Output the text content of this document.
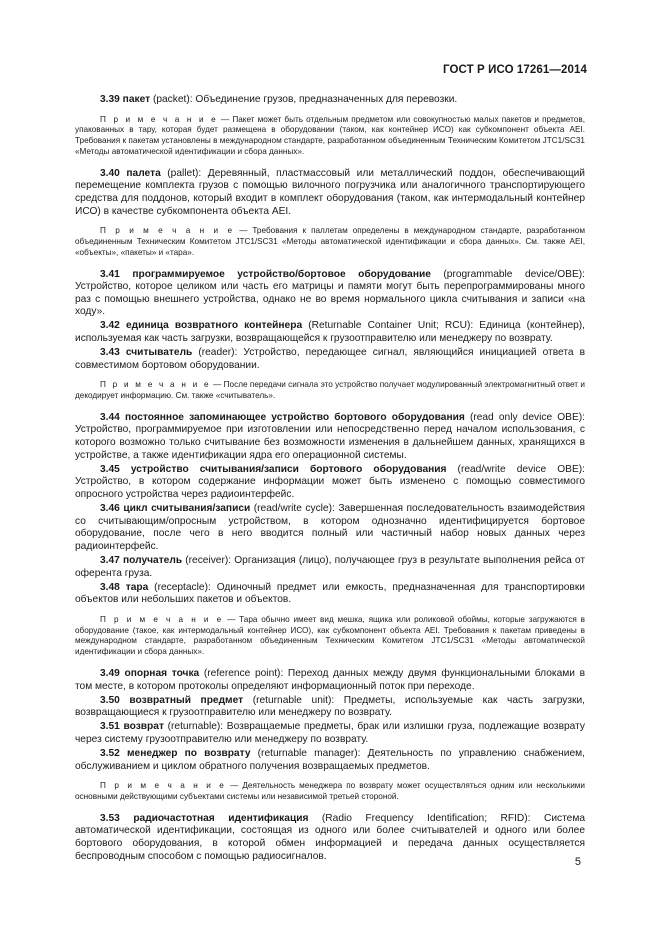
ГОСТ Р ИСО 17261—2014

3.39 пакет (packet): Объединение грузов, предназначенных для перевозки.

П р и м е ч а н и е — Пакет может быть отдельным предметом или совокупностью малых пакетов и предметов, упакованных в тару, которая будет размещена в оборудовании (таком, как контейнер ИСО) как субкомпонент объекта AEI. Требования к пакетам установлены в международном стандарте, разработанном объединенным Техническим Комитетом JTC1/SC31 «Методы автоматической идентификации и сбора данных».

3.40 палета (pallet): Деревянный, пластмассовый или металлический поддон, обеспечивающий перемещение комплекта грузов с помощью вилочного погрузчика или аналогичного транспортирующего средства для поддонов, который входит в комплект оборудования (таком, как интермодальный контейнер ИСО) в качестве субкомпонента объекта AEI.

П р и м е ч а н и е — Требования к паллетам определены в международном стандарте, разработанном объединенным Техническим Комитетом JTC1/SC31 «Методы автоматической идентификации и сбора данных». См. также AEI, «объекты», «пакеты» и «тара».

3.41 программируемое устройство/бортовое оборудование (programmable device/OBE): Устройство, которое целиком или часть его матрицы и памяти могут быть перепрограммированы много раз с помощью внешнего устройства, однако не во время нормального цикла считывания и записи «на ходу».

3.42 единица возвратного контейнера (Returnable Container Unit; RCU): Единица (контейнер), используемая как часть загрузки, возвращающейся к грузоотправителю или менеджеру по возврату.

3.43 считыватель (reader): Устройство, передающее сигнал, являющийся инициацией ответа в совместимом бортовом оборудовании.

П р и м е ч а н и е — После передачи сигнала это устройство получает модулированный электромагнитный ответ и декодирует информацию. См. также «считыватель».

3.44 постоянное запоминающее устройство бортового оборудования (read only device OBE): Устройство, программируемое при изготовлении или непосредственно перед началом использования, с которого возможно только считывание без возможности изменения в дальнейшем данных, хранящихся в устройстве, а также идентификации ядра его операционной системы.

3.45 устройство считывания/записи бортового оборудования (read/write device OBE): Устройство, в котором содержание информации может быть изменено с помощью совместимого опросного устройства через радиоинтерфейс.

3.46 цикл считывания/записи (read/write cycle): Завершенная последовательность взаимодействия со считывающим/опросным устройством, в котором однозначно идентифицируется бортовое оборудование, после чего в него вводится полный или частичный набор новых данных через радиоинтерфейс.

3.47 получатель (receiver): Организация (лицо), получающее груз в результате выполнения рейса от оферента груза.

3.48 тара (receptacle): Одиночный предмет или емкость, предназначенная для транспортировки объектов или небольших пакетов и объектов.

П р и м е ч а н и е — Тара обычно имеет вид мешка, ящика или роликовой обоймы, которые загружаются в оборудование (такое, как интермодальный контейнер ИСО), как субкомпонент объекта AEI. Требования к пакетам приведены в международном стандарте, разработанном объединенным Техническим Комитетом JTC1/SC31 «Методы автоматической идентификации и сбора данных».

3.49 опорная точка (reference point): Переход данных между двумя функциональными блоками в том месте, в котором протоколы определяют информационный поток при переходе.

3.50 возвратный предмет (returnable unit): Предметы, используемые как часть загрузки, возвращающиеся к грузоотправителю или менеджеру по возврату.

3.51 возврат (returnable): Возвращаемые предметы, брак или излишки груза, подлежащие возврату через систему грузоотправителю или менеджеру по возврату.

3.52 менеджер по возврату (returnable manager): Деятельность по управлению снабжением, обслуживанием и циклом обратного получения возвращаемых предметов.

П р и м е ч а н и е — Деятельность менеджера по возврату может осуществляться одним или несколькими основными действующими субъектами системы или независимой третьей стороной.

3.53 радиочастотная идентификация (Radio Frequency Identification; RFID): Система автоматической идентификации, состоящая из одного или более считывателей и одного или более бортового оборудования, в которой обмен информацией и передача данных осуществляется беспроводным способом с помощью радиосигналов.	5
